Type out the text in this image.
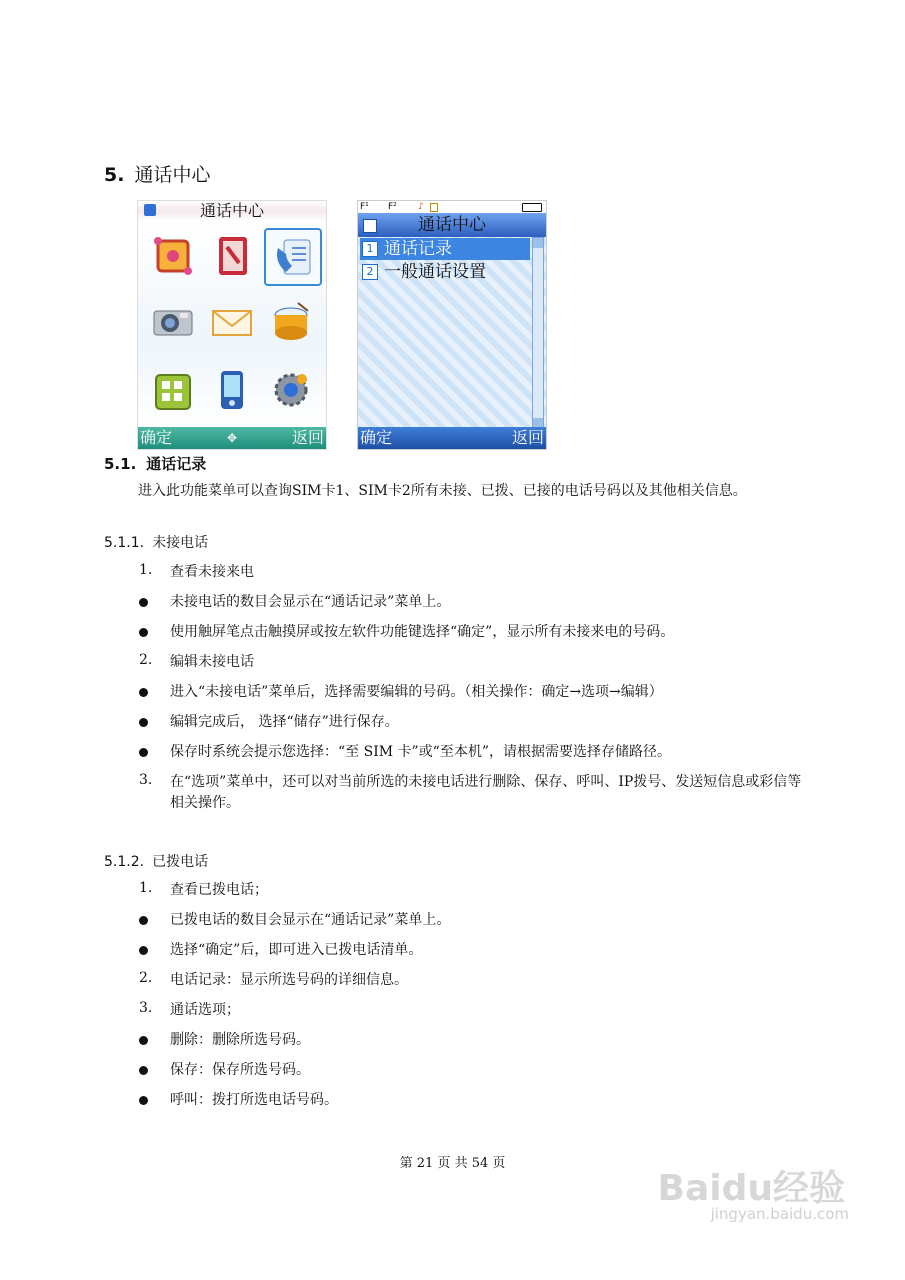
5. 通话中心
通话中心
确定	✥	返回
F¹ F² ♪
通话中心
1 通话记录
2 一般通话设置
确定	返回
5.1. 通话记录
进入此功能菜单可以查询SIM卡1、SIM卡2所有未接、已拨、已接的电话号码以及其他相关信息。
5.1.1. 未接电话
1. 查看未接来电
未接电话的数目会显示在“通话记录”菜单上。
使用触屏笔点击触摸屏或按左软件功能键选择“确定”，显示所有未接来电的号码。
2. 编辑未接电话
进入“未接电话”菜单后，选择需要编辑的号码。（相关操作：确定→选项→编辑）
编辑完成后， 选择“储存”进行保存。
保存时系统会提示您选择：“至 SIM 卡”或“至本机”，请根据需要选择存储路径。
3. 在“选项”菜单中，还可以对当前所选的未接电话进行删除、保存、呼叫、IP拨号、发送短信息或彩信等相关操作。
5.1.2. 已拨电话
1. 查看已拨电话；
已拨电话的数目会显示在“通话记录”菜单上。
选择“确定”后，即可进入已拨电话清单。
2. 电话记录：显示所选号码的详细信息。
3. 通话选项；
删除：删除所选号码。
保存：保存所选号码。
呼叫：拨打所选电话号码。
第 21 页 共 54 页
Baidu经验
jingyan.baidu.com
